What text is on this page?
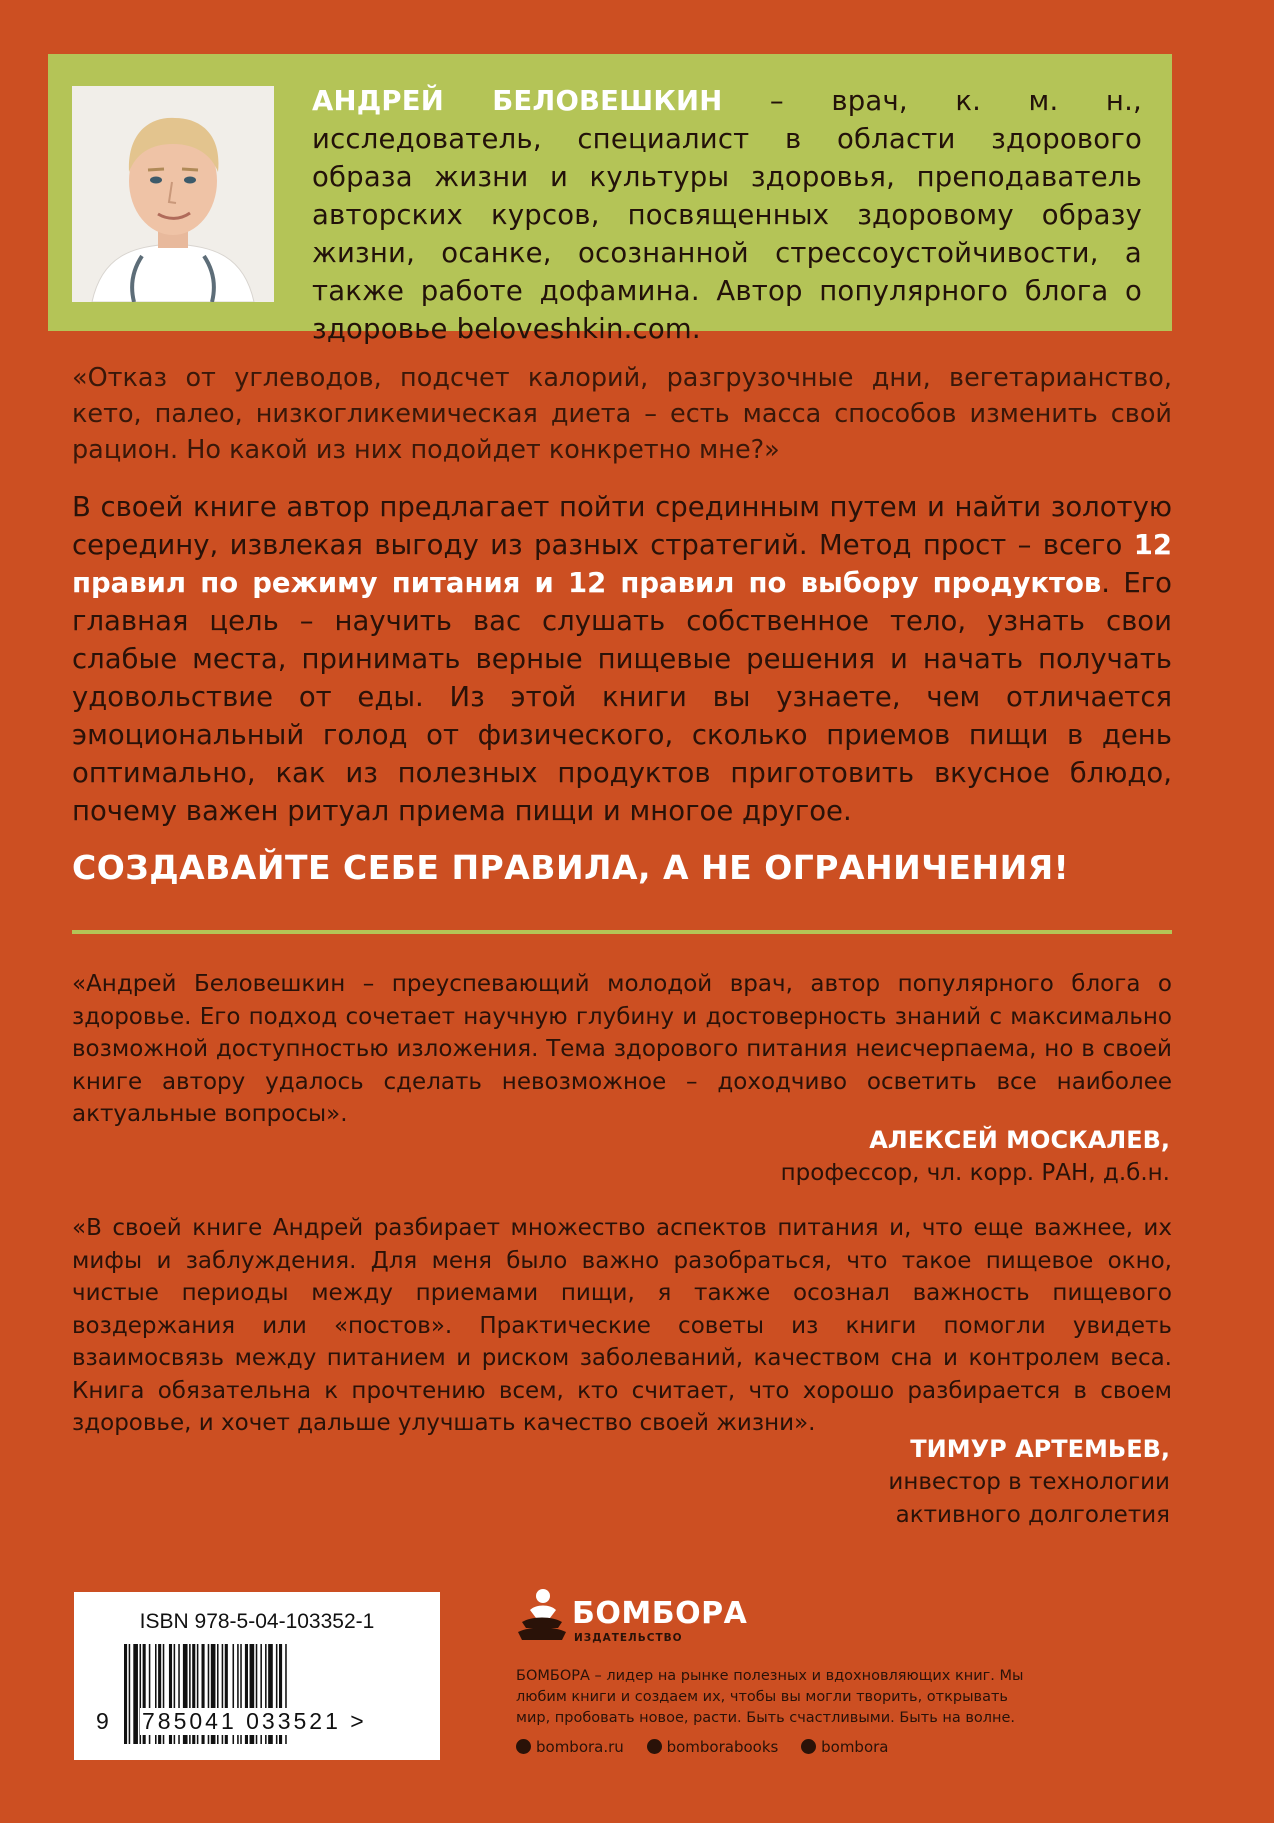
АНДРЕЙ БЕЛОВЕШКИН – врач, к. м. н., исследователь, специалист в области здорового образа жизни и культуры здоровья, преподаватель авторских курсов, посвященных здоровому образу жизни, осанке, осознанной стрессоустойчивости, а также работе дофамина. Автор популярного блога о здоровье beloveshkin.com.
«Отказ от углеводов, подсчет калорий, разгрузочные дни, вегетарианство, кето, палео, низкогликемическая диета – есть масса способов изменить свой рацион. Но какой из них подойдет конкретно мне?»
В своей книге автор предлагает пойти срединным путем и найти золотую середину, извлекая выгоду из разных стратегий. Метод прост – всего 12 правил по режиму питания и 12 правил по выбору продуктов. Его главная цель – научить вас слушать собственное тело, узнать свои слабые места, принимать верные пищевые решения и начать получать удовольствие от еды. Из этой книги вы узнаете, чем отличается эмоциональный голод от физического, сколько приемов пищи в день оптимально, как из полезных продуктов приготовить вкусное блюдо, почему важен ритуал приема пищи и многое другое.
СОЗДАВАЙТЕ СЕБЕ ПРАВИЛА, А НЕ ОГРАНИЧЕНИЯ!
«Андрей Беловешкин – преуспевающий молодой врач, автор популярного блога о здоровье. Его подход сочетает научную глубину и достоверность знаний с максимально возможной доступностью изложения. Тема здорового питания неисчерпаема, но в своей книге автору удалось сделать невозможное – доходчиво осветить все наиболее актуальные вопросы».
АЛЕКСЕЙ МОСКАЛЕВ,
профессор, чл. корр. РАН, д.б.н.
«В своей книге Андрей разбирает множество аспектов питания и, что еще важнее, их мифы и заблуждения. Для меня было важно разобраться, что такое пищевое окно, чистые периоды между приемами пищи, я также осознал важность пищевого воздержания или «постов». Практические советы из книги помогли увидеть взаимосвязь между питанием и риском заболеваний, качеством сна и контролем веса. Книга обязательна к прочтению всем, кто считает, что хорошо разбирается в своем здоровье, и хочет дальше улучшать качество своей жизни».
ТИМУР АРТЕМЬЕВ,
инвестор в технологии
активного долголетия
ISBN 978-5-04-103352-1
9 785041 033521 >
БОМБОРА
ИЗДАТЕЛЬСТВО
БОМБОРА – лидер на рынке полезных и вдохновляющих книг. Мы любим книги и создаем их, чтобы вы могли творить, открывать мир, пробовать новое, расти. Быть счастливыми. Быть на волне.
bombora.ru	bomborabooks	bombora
